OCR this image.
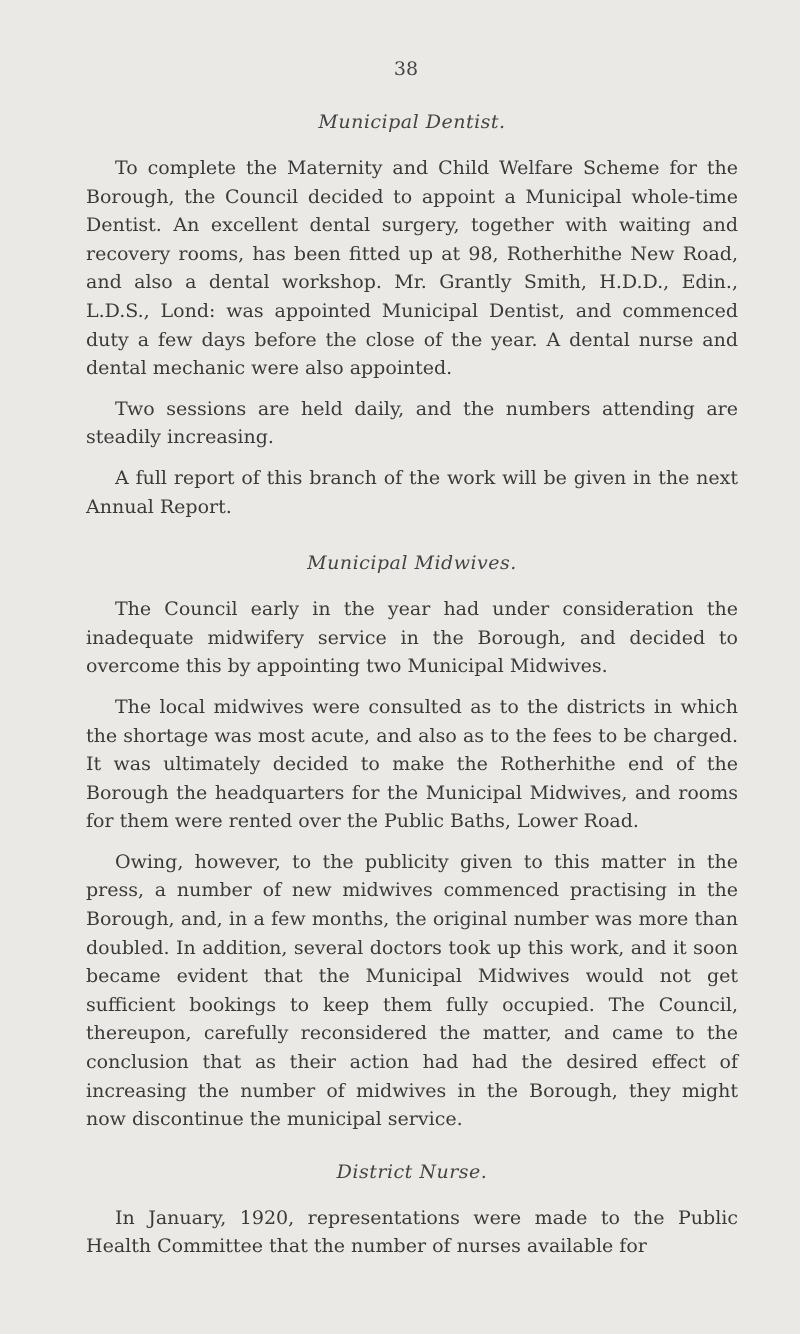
38
Municipal Dentist.

To complete the Maternity and Child Welfare Scheme for the Borough, the Council decided to appoint a Municipal whole-time Dentist. An excellent dental surgery, together with waiting and recovery rooms, has been fitted up at 98, Rotherhithe New Road, and also a dental workshop. Mr. Grantly Smith, H.D.D., Edin., L.D.S., Lond: was appointed Municipal Dentist, and commenced duty a few days before the close of the year. A dental nurse and dental mechanic were also appointed.

Two sessions are held daily, and the numbers attending are steadily increasing.

A full report of this branch of the work will be given in the next Annual Report.

Municipal Midwives.

The Council early in the year had under consideration the inadequate midwifery service in the Borough, and decided to overcome this by appointing two Municipal Midwives.

The local midwives were consulted as to the districts in which the shortage was most acute, and also as to the fees to be charged. It was ultimately decided to make the Rotherhithe end of the Borough the headquarters for the Municipal Midwives, and rooms for them were rented over the Public Baths, Lower Road.

Owing, however, to the publicity given to this matter in the press, a number of new midwives commenced practising in the Borough, and, in a few months, the original number was more than doubled. In addition, several doctors took up this work, and it soon became evident that the Municipal Midwives would not get sufficient bookings to keep them fully occupied. The Council, thereupon, carefully reconsidered the matter, and came to the conclusion that as their action had had the desired effect of increasing the number of midwives in the Borough, they might now discontinue the municipal service.

District Nurse.

In January, 1920, representations were made to the Public Health Committee that the number of nurses available for
